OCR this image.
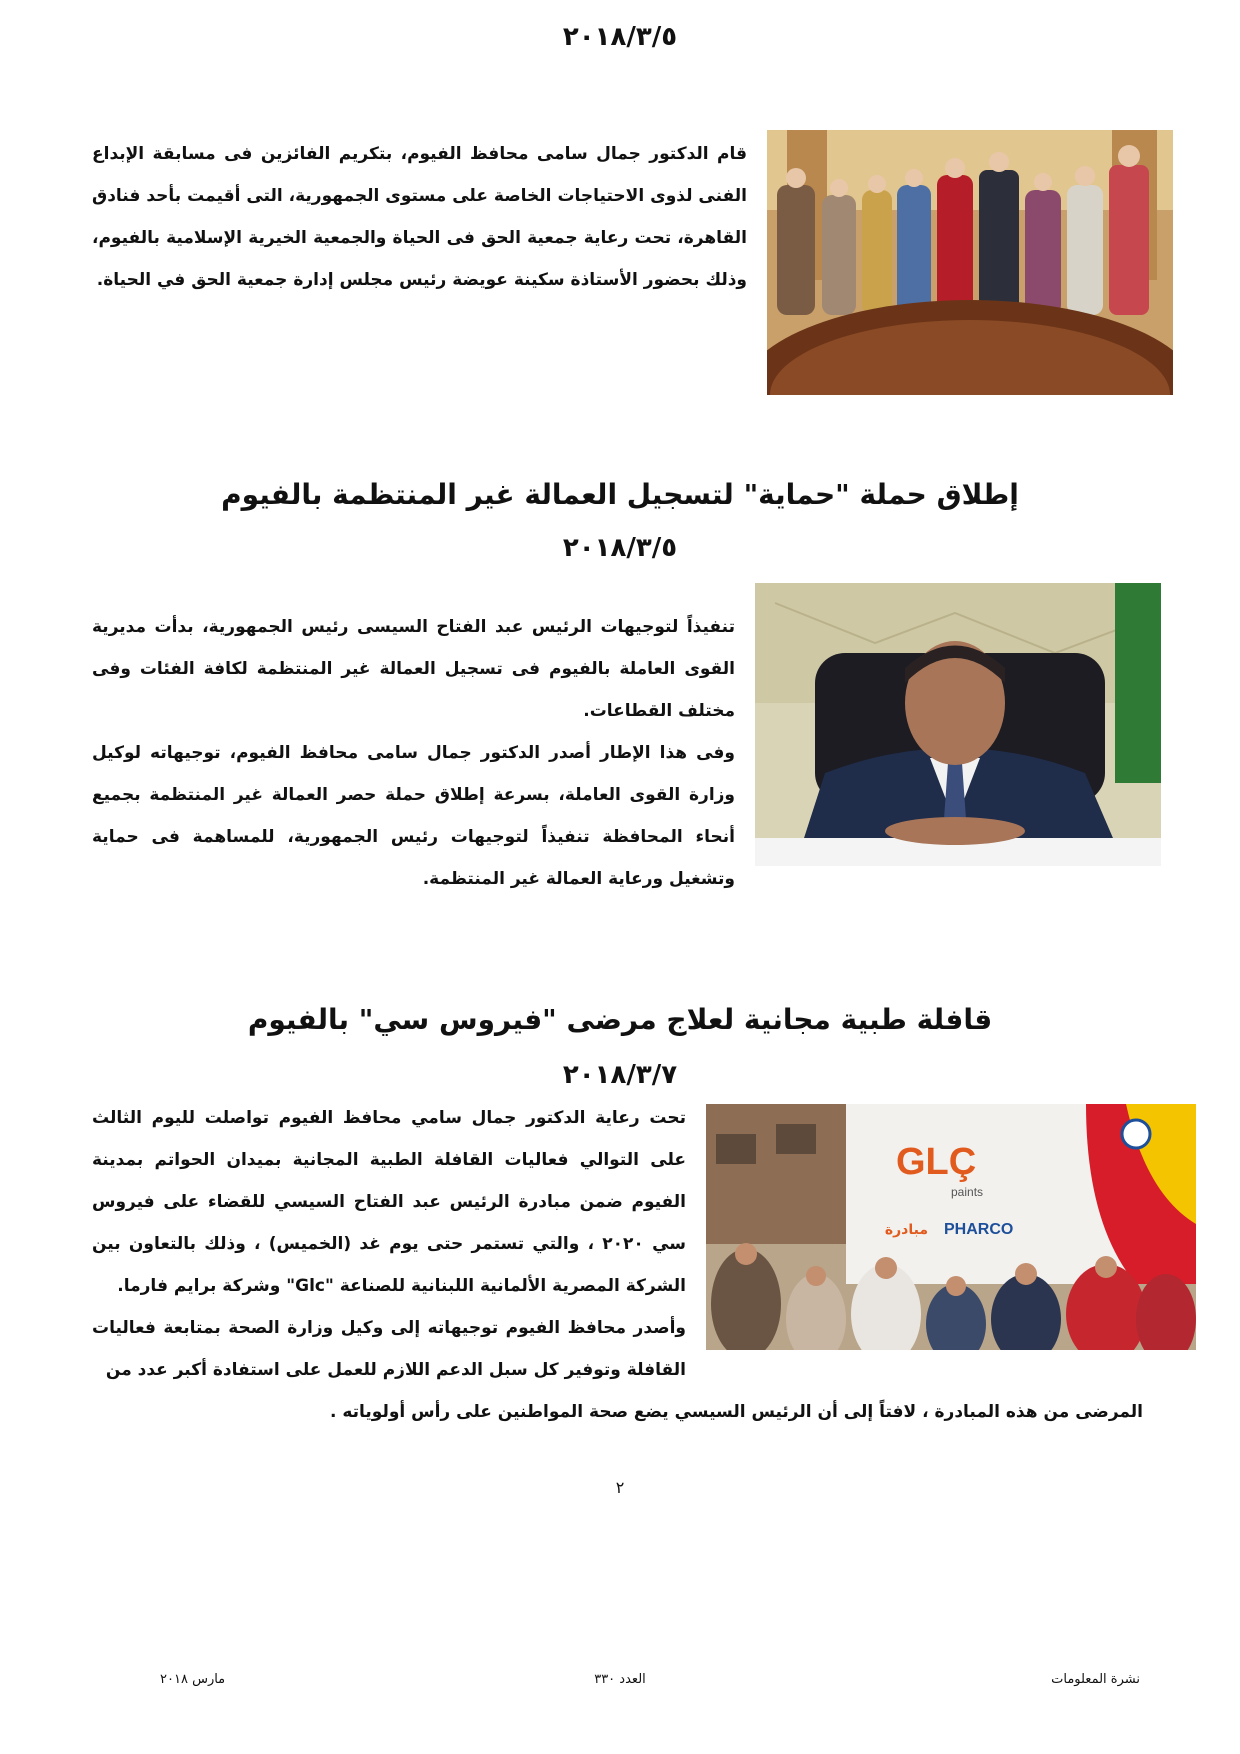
٢٠١٨/٣/٥

قام الدكتور جمال سامى محافظ الفيوم، بتكريم الفائزين فى مسابقة الإبداع الفنى لذوى الاحتياجات الخاصة على مستوى الجمهورية، التى أقيمت بأحد فنادق القاهرة، تحت رعاية جمعية الحق فى الحياة والجمعية الخيرية الإسلامية بالفيوم، وذلك بحضور الأستاذة سكينة عويضة رئيس مجلس إدارة جمعية الحق في الحياة.

إطلاق حملة "حماية" لتسجيل العمالة غير المنتظمة بالفيوم
٢٠١٨/٣/٥

تنفيذاً لتوجيهات الرئيس عبد الفتاح السيسى رئيس الجمهورية، بدأت مديرية القوى العاملة بالفيوم فى تسجيل العمالة غير المنتظمة لكافة الفئات وفى مختلف القطاعات.

وفى هذا الإطار أصدر الدكتور جمال سامى محافظ الفيوم، توجيهاته لوكيل وزارة القوى العاملة، بسرعة إطلاق حملة حصر العمالة غير المنتظمة بجميع أنحاء المحافظة تنفيذاً لتوجيهات رئيس الجمهورية، للمساهمة فى حماية وتشغيل ورعاية العمالة غير المنتظمة.

قافلة طبية مجانية لعلاج مرضى "فيروس سي" بالفيوم
٢٠١٨/٣/٧
GLÇ
paints
PHARCO
مبادرة

تحت رعاية الدكتور جمال سامي محافظ الفيوم تواصلت لليوم الثالث على التوالي فعاليات القافلة الطبية المجانية بميدان الحواتم بمدينة الفيوم ضمن مبادرة الرئيس عبد الفتاح السيسي للقضاء على فيروس سي ٢٠٢٠ ، والتي تستمر حتى يوم غد (الخميس) ، وذلك بالتعاون بين الشركة المصرية الألمانية اللبنانية للصناعة "Glc" وشركة برايم فارما.

وأصدر محافظ الفيوم توجيهاته إلى وكيل وزارة الصحة بمتابعة فعاليات القافلة وتوفير كل سبل الدعم اللازم للعمل على استفادة أكبر عدد من

المرضى من هذه المبادرة ، لافتاً إلى أن الرئيس السيسي يضع صحة المواطنين على رأس أولوياته .

٢
نشرة المعلومات
العدد ٣٣٠
مارس ٢٠١٨
